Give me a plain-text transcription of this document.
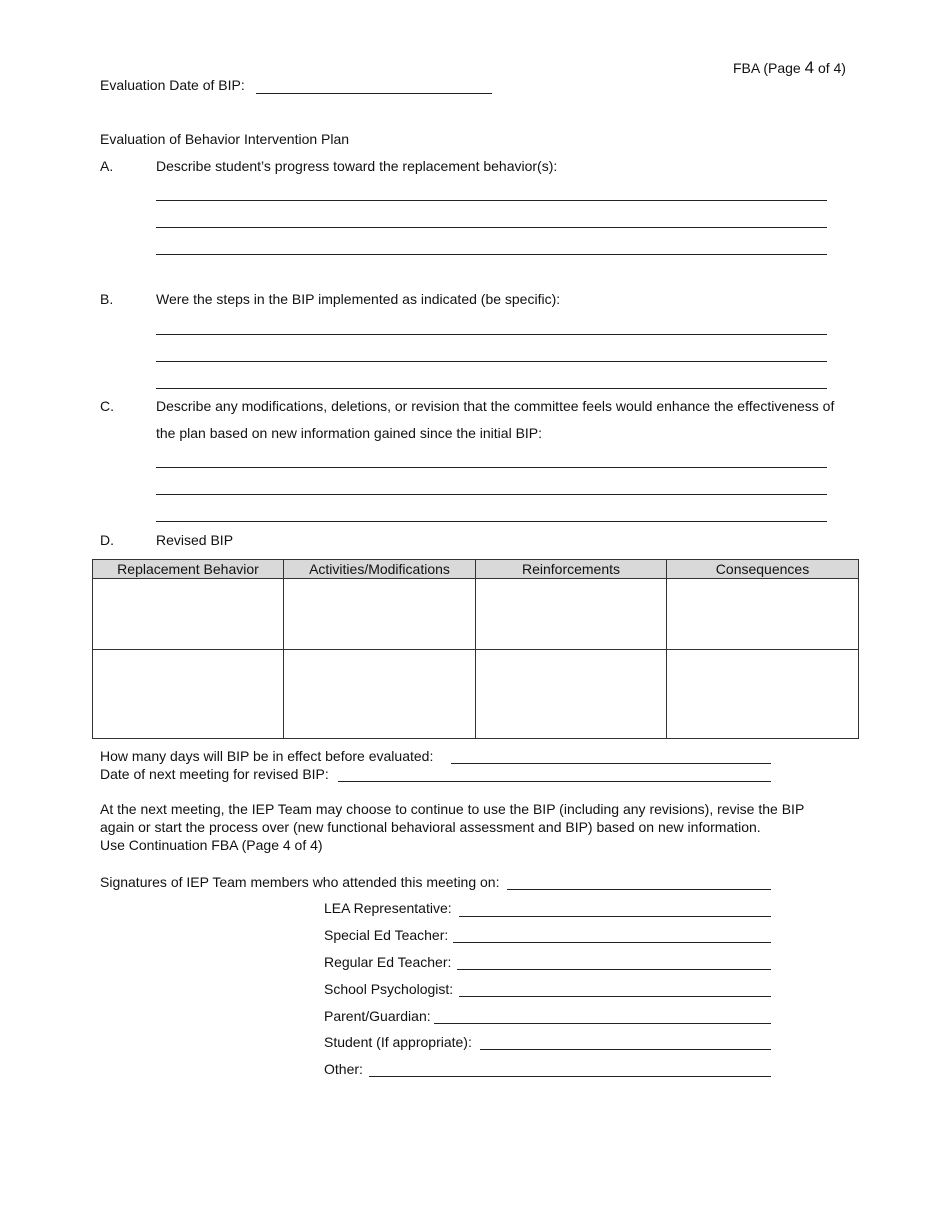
FBA (Page 4 of 4)
Evaluation Date of BIP:
Evaluation of Behavior Intervention Plan
A.	Describe student’s progress toward the replacement behavior(s):
B.	Were the steps in the BIP implemented as indicated (be specific):
C.	Describe any modifications, deletions, or revision that the committee feels would enhance the effectiveness of
the plan based on new information gained since the initial BIP:
D.	Revised BIP
Replacement Behavior	Activities/Modifications	Reinforcements	Consequences

How many days will BIP be in effect before evaluated:
Date of next meeting for revised BIP:
At the next meeting, the IEP Team may choose to continue to use the BIP (including any revisions), revise the BIP
again or start the process over (new functional behavioral assessment and BIP) based on new information.
Use Continuation FBA (Page 4 of 4)
Signatures of IEP Team members who attended this meeting on:
LEA Representative:
Special Ed Teacher:
Regular Ed Teacher:
School Psychologist:
Parent/Guardian:
Student (If appropriate):
Other:
